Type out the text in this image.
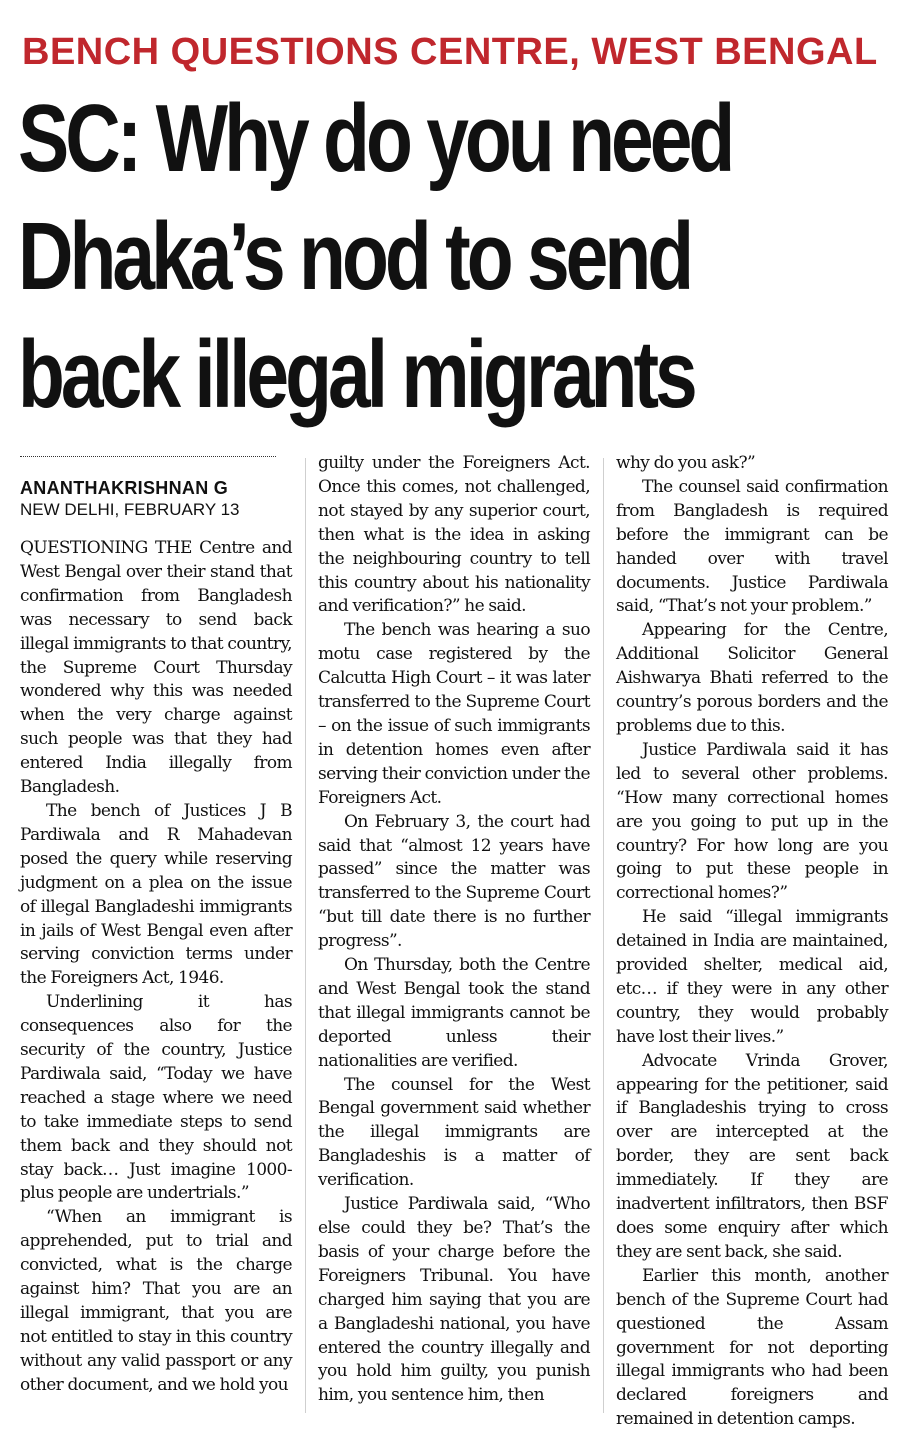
BENCH QUESTIONS CENTRE, WEST BENGAL
SC: Why do you need
Dhaka’s nod to send
back illegal migrants
ANANTHAKRISHNAN G
NEW DELHI, FEBRUARY 13

QUESTIONING THE Centre and West Bengal over their stand that confirmation from Bangladesh was necessary to send back illegal immigrants to that country, the Supreme Court Thursday wondered why this was needed when the very charge against such people was that they had entered India illegally from Bangladesh.

The bench of Justices J B Pardiwala and R Mahadevan posed the query while reserving judgment on a plea on the issue of illegal Bangladeshi immigrants in jails of West Bengal even after serving conviction terms under the Foreigners Act, 1946.

Underlining it has consequences also for the security of the country, Justice Pardiwala said, “Today we have reached a stage where we need to take immediate steps to send them back and they should not stay back… Just imagine 1000-plus people are undertrials.”

“When an immigrant is apprehended, put to trial and convicted, what is the charge against him? That you are an illegal immigrant, that you are not entitled to stay in this country without any valid passport or any other document, and we hold you

guilty under the Foreigners Act. Once this comes, not challenged, not stayed by any superior court, then what is the idea in asking the neighbouring country to tell this country about his nationality and verification?” he said.

The bench was hearing a suo motu case registered by the Calcutta High Court – it was later transferred to the Supreme Court – on the issue of such immigrants in detention homes even after serving their conviction under the Foreigners Act.

On February 3, the court had said that “almost 12 years have passed” since the matter was transferred to the Supreme Court “but till date there is no further progress”.

On Thursday, both the Centre and West Bengal took the stand that illegal immigrants cannot be deported unless their nationalities are verified.

The counsel for the West Bengal government said whether the illegal immigrants are Bangladeshis is a matter of verification.

Justice Pardiwala said, “Who else could they be? That’s the basis of your charge before the Foreigners Tribunal. You have charged him saying that you are a Bangladeshi national, you have entered the country illegally and you hold him guilty, you punish him, you sentence him, then

why do you ask?”

The counsel said confirmation from Bangladesh is required before the immigrant can be handed over with travel documents. Justice Pardiwala said, “That’s not your problem.”

Appearing for the Centre, Additional Solicitor General Aishwarya Bhati referred to the country’s porous borders and the problems due to this.

Justice Pardiwala said it has led to several other problems. “How many correctional homes are you going to put up in the country? For how long are you going to put these people in correctional homes?”

He said “illegal immigrants detained in India are maintained, provided shelter, medical aid, etc… if they were in any other country, they would probably have lost their lives.”

Advocate Vrinda Grover, appearing for the petitioner, said if Bangladeshis trying to cross over are intercepted at the border, they are sent back immediately. If they are inadvertent infiltrators, then BSF does some enquiry after which they are sent back, she said.

Earlier this month, another bench of the Supreme Court had questioned the Assam government for not deporting illegal immigrants who had been declared foreigners and remained in detention camps.
